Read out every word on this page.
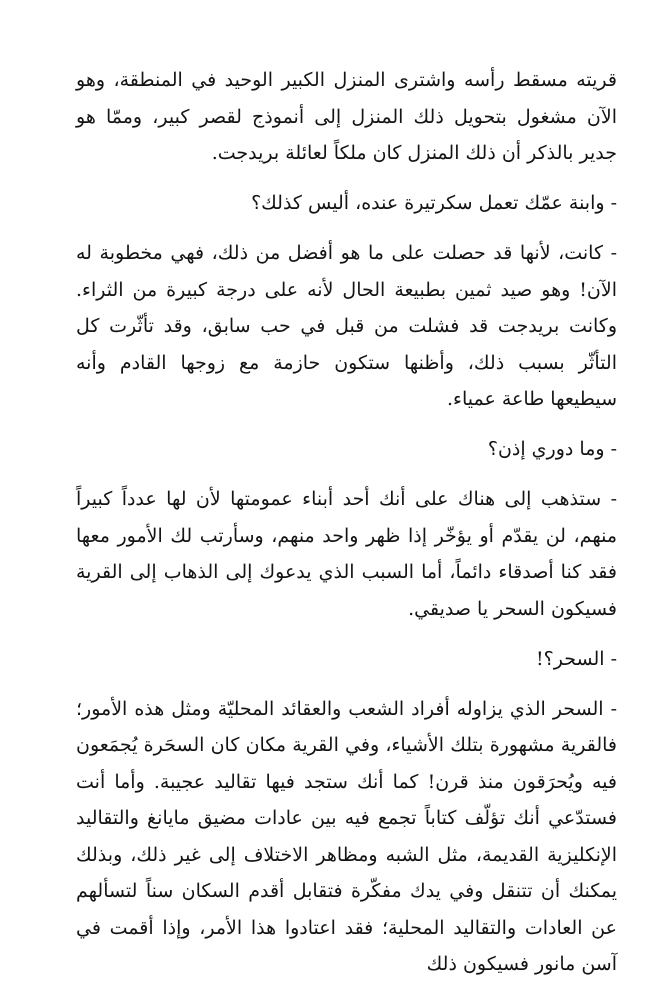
قريته مسقط رأسه واشترى المنزل الكبير الوحيد في المنطقة، وهو الآن مشغول بتحويل ذلك المنزل إلى أنموذج لقصر كبير، وممّا هو جدير بالذكر أن ذلك المنزل كان ملكاً لعائلة بريدجت.

- وابنة عمّك تعمل سكرتيرة عنده، أليس كذلك؟

- كانت، لأنها قد حصلت على ما هو أفضل من ذلك، فهي مخطوبة له الآن! وهو صيد ثمين بطبيعة الحال لأنه على درجة كبيرة من الثراء. وكانت بريدجت قد فشلت من قبل في حب سابق، وقد تأثّرت كل التأثّر بسبب ذلك، وأظنها ستكون حازمة مع زوجها القادم وأنه سيطيعها طاعة عمياء.

- وما دوري إذن؟

- ستذهب إلى هناك على أنك أحد أبناء عمومتها لأن لها عدداً كبيراً منهم، لن يقدّم أو يؤخّر إذا ظهر واحد منهم، وسأرتب لك الأمور معها فقد كنا أصدقاء دائماً، أما السبب الذي يدعوك إلى الذهاب إلى القرية فسيكون السحر يا صديقي.

- السحر؟!

- السحر الذي يزاوله أفراد الشعب والعقائد المحليّة ومثل هذه الأمور؛ فالقرية مشهورة بتلك الأشياء، وفي القرية مكان كان السحَرة يُجمَعون فيه ويُحرَقون منذ قرن! كما أنك ستجد فيها تقاليد عجيبة. وأما أنت فستدّعي أنك تؤلّف كتاباً تجمع فيه بين عادات مضيق مايانغ والتقاليد الإنكليزية القديمة، مثل الشبه ومظاهر الاختلاف إلى غير ذلك، وبذلك يمكنك أن تتنقل وفي يدك مفكّرة فتقابل أقدم السكان سناً لتسألهم عن العادات والتقاليد المحلية؛ فقد اعتادوا هذا الأمر، وإذا أقمت في آسن مانور فسيكون ذلك
